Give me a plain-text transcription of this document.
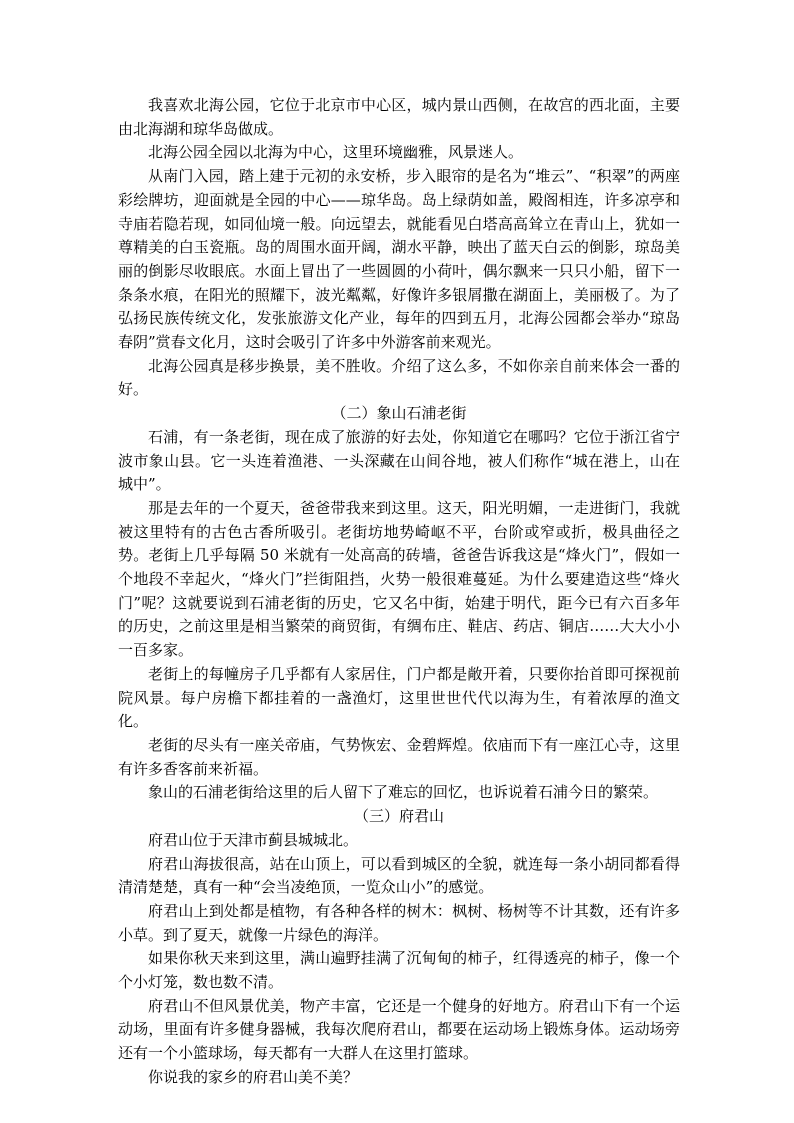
我喜欢北海公园，它位于北京市中心区，城内景山西侧，在故宫的西北面，主要由北海湖和琼华岛做成。

北海公园全园以北海为中心，这里环境幽雅，风景迷人。

从南门入园，踏上建于元初的永安桥，步入眼帘的是名为“堆云”、“积翠”的两座彩绘牌坊，迎面就是全园的中心——琼华岛。岛上绿荫如盖，殿阁相连，许多凉亭和寺庙若隐若现，如同仙境一般。向远望去，就能看见白塔高高耸立在青山上，犹如一尊精美的白玉瓷瓶。岛的周围水面开阔，湖水平静，映出了蓝天白云的倒影，琼岛美丽的倒影尽收眼底。水面上冒出了一些圆圆的小荷叶，偶尔飘来一只只小船，留下一条条水痕，在阳光的照耀下，波光粼粼，好像许多银屑撒在湖面上，美丽极了。为了弘扬民族传统文化，发张旅游文化产业，每年的四到五月，北海公园都会举办“琼岛春阴”赏春文化月，这时会吸引了许多中外游客前来观光。

北海公园真是移步换景，美不胜收。介绍了这么多，不如你亲自前来体会一番的好。

（二）象山石浦老街

石浦，有一条老街，现在成了旅游的好去处，你知道它在哪吗？它位于浙江省宁波市象山县。它一头连着渔港、一头深藏在山间谷地，被人们称作“城在港上，山在城中”。

那是去年的一个夏天，爸爸带我来到这里。这天，阳光明媚，一走进街门，我就被这里特有的古色古香所吸引。老街坊地势崎岖不平，台阶或窄或折，极具曲径之势。老街上几乎每隔 50 米就有一处高高的砖墙，爸爸告诉我这是“烽火门”，假如一个地段不幸起火，“烽火门”拦街阻挡，火势一般很难蔓延。为什么要建造这些“烽火门”呢？这就要说到石浦老街的历史，它又名中街，始建于明代，距今已有六百多年的历史，之前这里是相当繁荣的商贸街，有绸布庄、鞋店、药店、铜店……大大小小一百多家。

老街上的每幢房子几乎都有人家居住，门户都是敞开着，只要你抬首即可探视前院风景。每户房檐下都挂着的一盏渔灯，这里世世代代以海为生，有着浓厚的渔文化。

老街的尽头有一座关帝庙，气势恢宏、金碧辉煌。依庙而下有一座江心寺，这里有许多香客前来祈福。

象山的石浦老街给这里的后人留下了难忘的回忆，也诉说着石浦今日的繁荣。

（三）府君山

府君山位于天津市蓟县城城北。

府君山海拔很高，站在山顶上，可以看到城区的全貌，就连每一条小胡同都看得清清楚楚，真有一种“会当凌绝顶，一览众山小”的感觉。

府君山上到处都是植物，有各种各样的树木：枫树、杨树等不计其数，还有许多小草。到了夏天，就像一片绿色的海洋。

如果你秋天来到这里，满山遍野挂满了沉甸甸的柿子，红得透亮的柿子，像一个个小灯笼，数也数不清。

府君山不但风景优美，物产丰富，它还是一个健身的好地方。府君山下有一个运动场，里面有许多健身器械，我每次爬府君山，都要在运动场上锻炼身体。运动场旁还有一个小篮球场，每天都有一大群人在这里打篮球。

你说我的家乡的府君山美不美？
